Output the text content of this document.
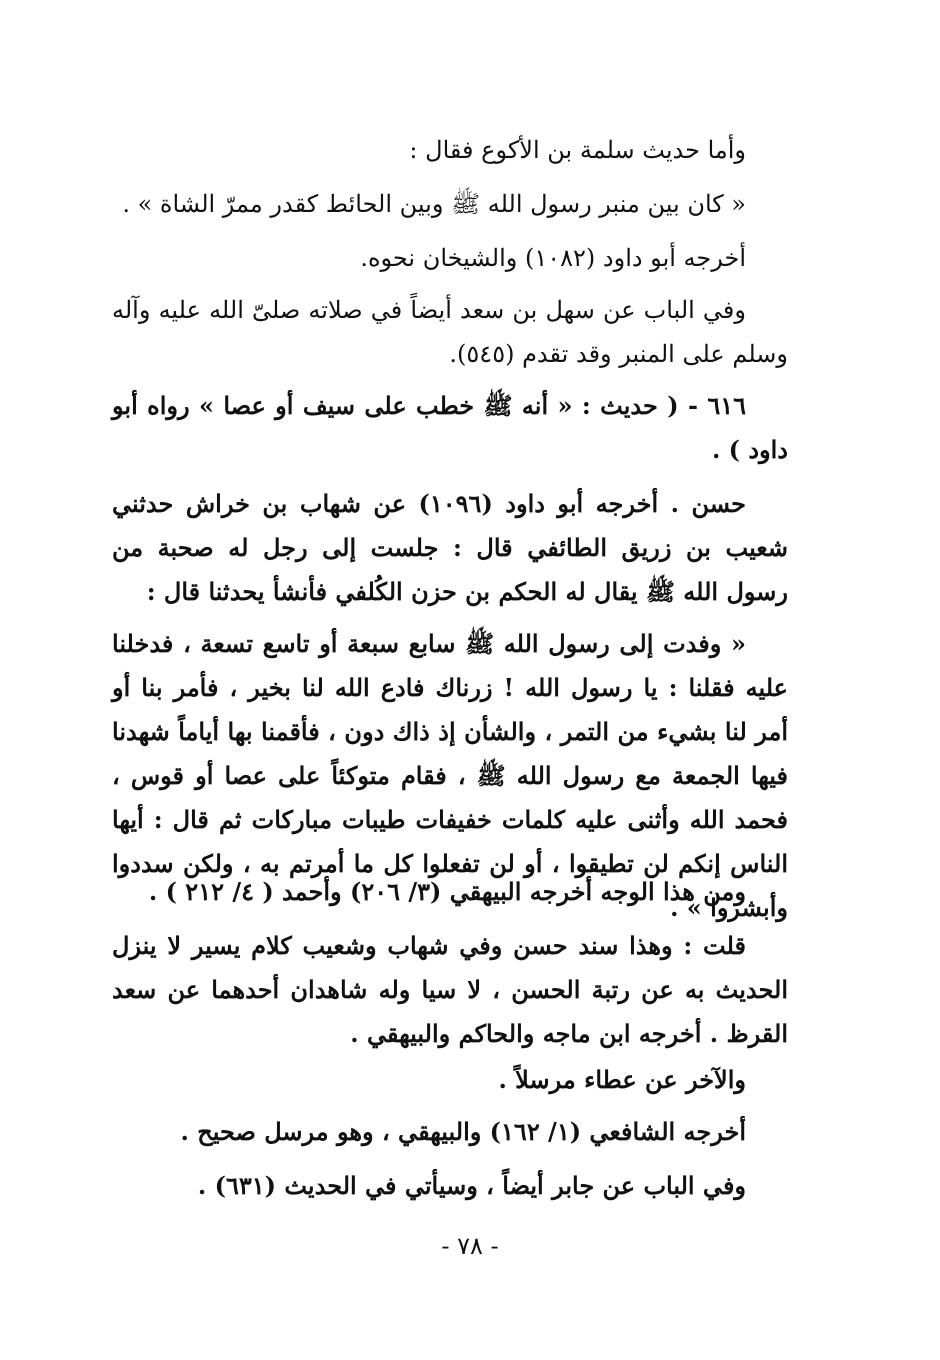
وأما حديث سلمة بن الأكوع فقال :

« كان بين منبر رسول الله ﷺ وبين الحائط كقدر ممرّ الشاة » .

أخرجه أبو داود (١٠٨٢) والشيخان نحوه.

وفي الباب عن سهل بن سعد أيضاً في صلاته صلىّ الله عليه وآله وسلم على المنبر وقد تقدم (٥٤٥).

٦١٦ - ( حديث : « أنه ﷺ خطب على سيف أو عصا » رواه أبو داود ) .

حسن . أخرجه أبو داود (١٠٩٦) عن شهاب بن خراش حدثني شعيب بن زريق الطائفي قال : جلست إلى رجل له صحبة من رسول الله ﷺ يقال له الحكم بن حزن الكُلفي فأنشأ يحدثنا قال :

« وفدت إلى رسول الله ﷺ سابع سبعة أو تاسع تسعة ، فدخلنا عليه فقلنا : يا رسول الله ! زرناك فادع الله لنا بخير ، فأمر بنا أو أمر لنا بشيء من التمر ، والشأن إذ ذاك دون ، فأقمنا بها أياماً شهدنا فيها الجمعة مع رسول الله ﷺ ، فقام متوكئاً على عصا أو قوس ، فحمد الله وأثنى عليه كلمات خفيفات طيبات مباركات ثم قال : أيها الناس إنكم لن تطيقوا ، أو لن تفعلوا كل ما أمرتم به ، ولكن سددوا وأبشروا » .

ومن هذا الوجه أخرجه البيهقي (٣/ ٢٠٦) وأحمد ( ٤/ ٢١٢ ) .

قلت : وهذا سند حسن وفي شهاب وشعيب كلام يسير لا ينزل الحديث به عن رتبة الحسن ، لا سيا وله شاهدان أحدهما عن سعد القرظ . أخرجه ابن ماجه والحاكم والبيهقي .

والآخر عن عطاء مرسلاً .

أخرجه الشافعي (١/ ١٦٢) والبيهقي ، وهو مرسل صحيح .

وفي الباب عن جابر أيضاً ، وسيأتي في الحديث (٦٣١) .

- ٧٨ -
